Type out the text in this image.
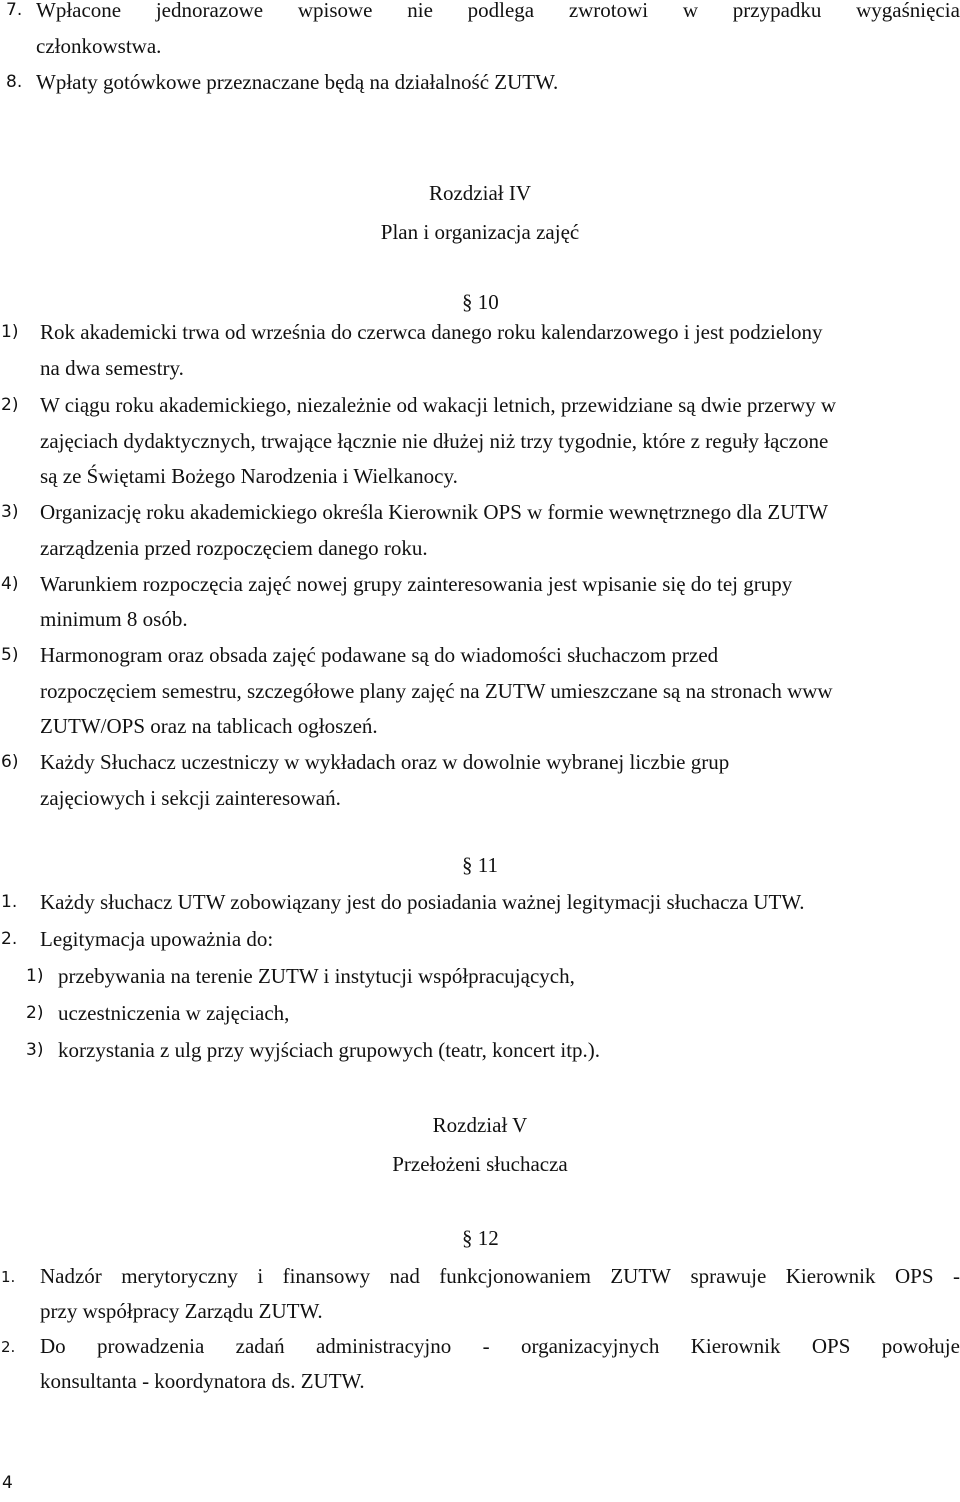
7. Wpłacone jednorazowe wpisowe nie podlega zwrotowi w przypadku wygaśnięcia
członkowstwa.
8. Wpłaty gotówkowe przeznaczane będą na działalność ZUTW.
Rozdział IV
Plan i organizacja zajęć
§ 10
1) Rok akademicki trwa od września do czerwca danego roku kalendarzowego i jest podzielony
na dwa semestry.
2) W ciągu roku akademickiego, niezależnie od wakacji letnich, przewidziane są dwie przerwy w
zajęciach dydaktycznych, trwające łącznie nie dłużej niż trzy tygodnie, które z reguły łączone
są ze Świętami Bożego Narodzenia i Wielkanocy.
3) Organizację roku akademickiego określa Kierownik OPS w formie wewnętrznego dla ZUTW
zarządzenia przed rozpoczęciem danego roku.
4) Warunkiem rozpoczęcia zajęć nowej grupy zainteresowania jest wpisanie się do tej grupy
minimum 8 osób.
5) Harmonogram oraz obsada zajęć podawane są do wiadomości słuchaczom przed
rozpoczęciem semestru, szczegółowe plany zajęć na ZUTW umieszczane są na stronach www
ZUTW/OPS oraz na tablicach ogłoszeń.
6) Każdy Słuchacz uczestniczy w wykładach oraz w dowolnie wybranej liczbie grup
zajęciowych i sekcji zainteresowań.
§ 11
1. Każdy słuchacz UTW zobowiązany jest do posiadania ważnej legitymacji słuchacza UTW.
2. Legitymacja upoważnia do:
1) przebywania na terenie ZUTW i instytucji współpracujących,
2) uczestniczenia w zajęciach,
3) korzystania z ulg przy wyjściach grupowych (teatr, koncert itp.).
Rozdział V
Przełożeni słuchacza
§ 12
1. Nadzór merytoryczny i finansowy nad funkcjonowaniem ZUTW sprawuje Kierownik OPS -
przy współpracy Zarządu ZUTW.
2. Do prowadzenia zadań administracyjno - organizacyjnych Kierownik OPS powołuje
konsultanta - koordynatora ds. ZUTW.
4
